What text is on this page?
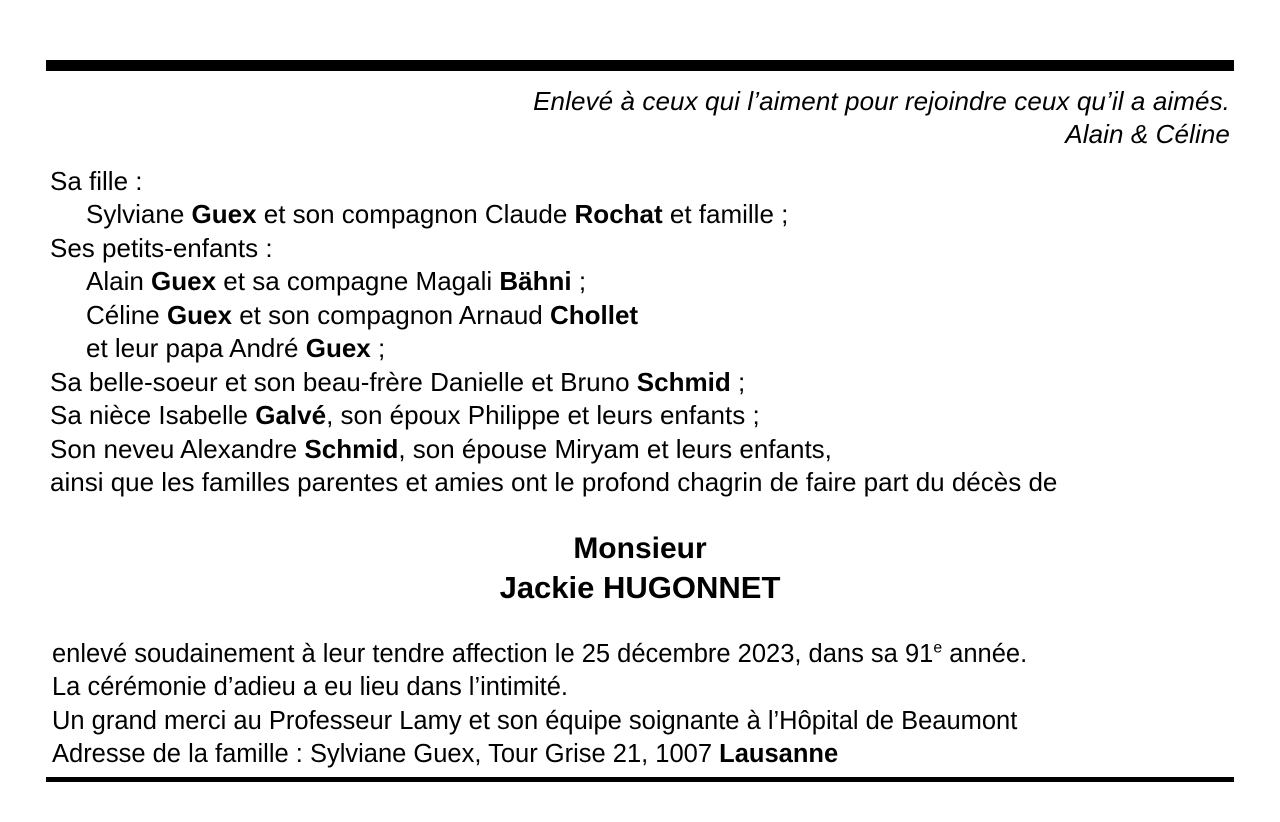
Enlevé à ceux qui l’aiment pour rejoindre ceux qu’il a aimés.
Alain & Céline
Sa fille :
Sylviane Guex et son compagnon Claude Rochat et famille ;
Ses petits-enfants :
Alain Guex et sa compagne Magali Bähni ;
Céline Guex et son compagnon Arnaud Chollet
et leur papa André Guex ;
Sa belle-soeur et son beau-frère Danielle et Bruno Schmid ;
Sa nièce Isabelle Galvé, son époux Philippe et leurs enfants ;
Son neveu Alexandre Schmid, son épouse Miryam et leurs enfants,
ainsi que les familles parentes et amies ont le profond chagrin de faire part du décès de
Monsieur
Jackie HUGONNET
enlevé soudainement à leur tendre affection le 25 décembre 2023, dans sa 91e année.
La cérémonie d’adieu a eu lieu dans l’intimité.
Un grand merci au Professeur Lamy et son équipe soignante à l’Hôpital de Beaumont
Adresse de la famille : Sylviane Guex, Tour Grise 21, 1007 Lausanne
